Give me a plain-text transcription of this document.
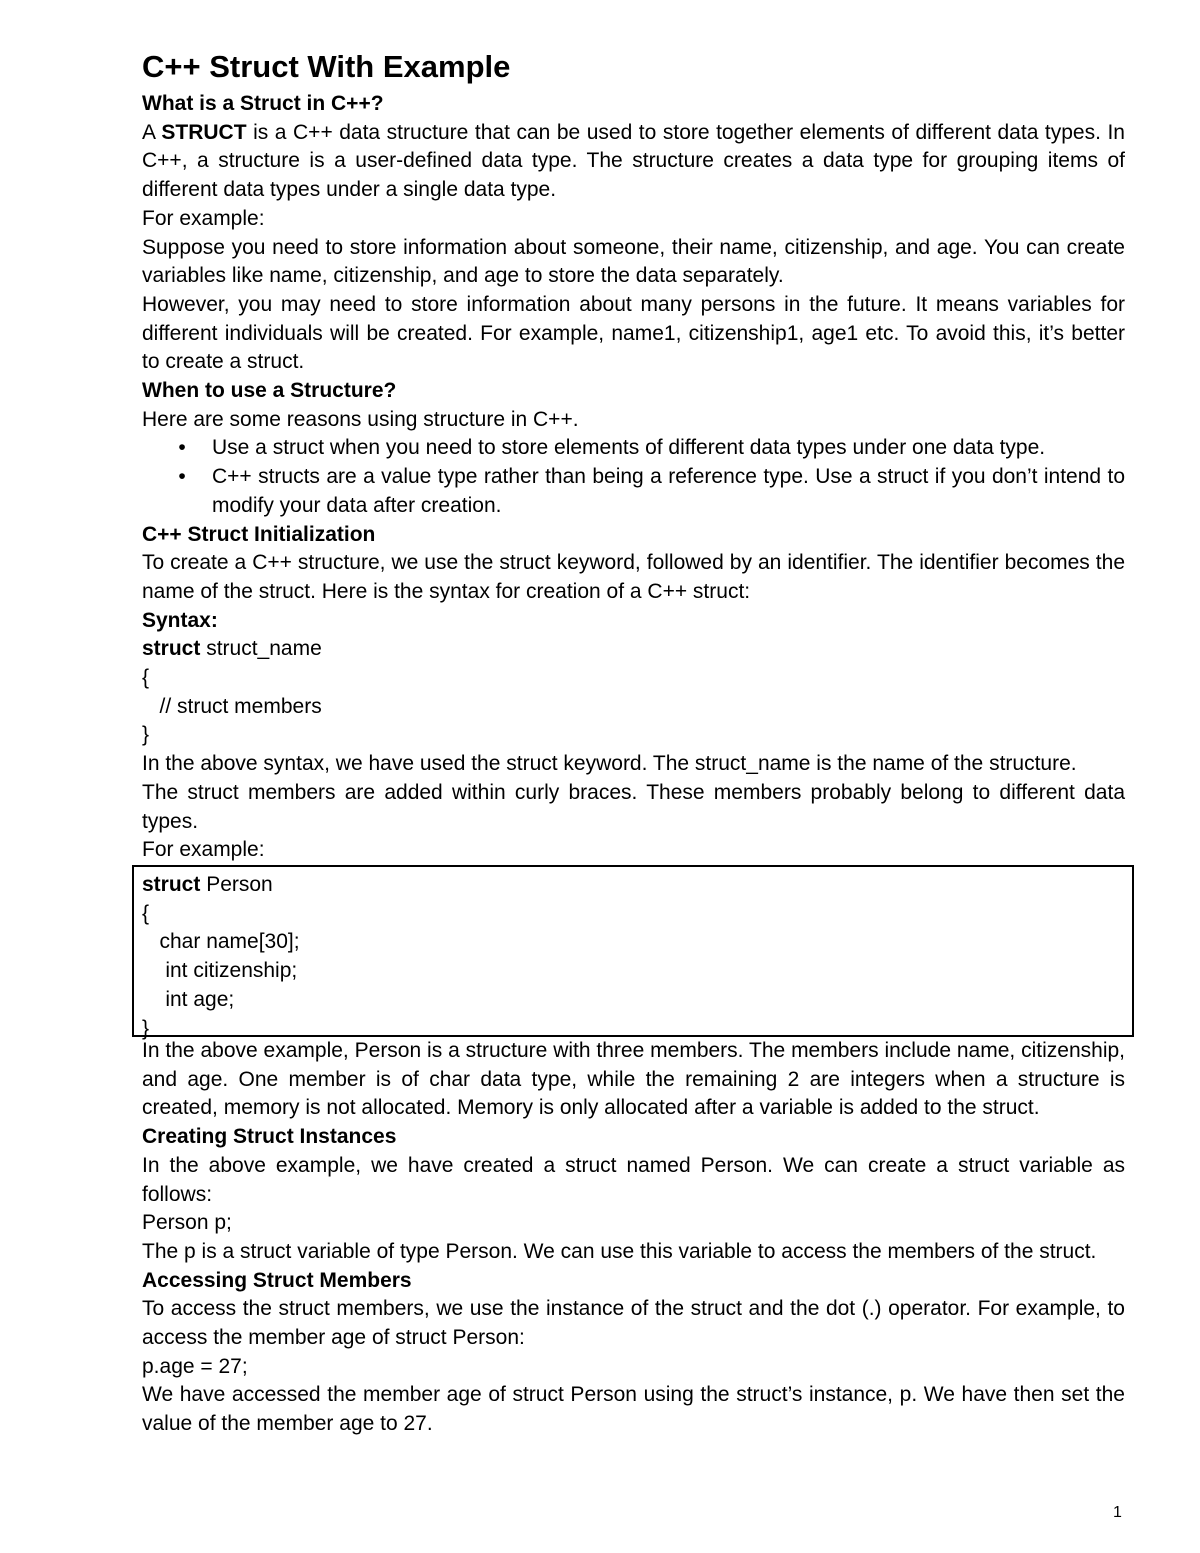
C++ Struct With Example
What is a Struct in C++?
A STRUCT is a C++ data structure that can be used to store together elements of different data types. In C++, a structure is a user-defined data type. The structure creates a data type for grouping items of different data types under a single data type.
For example:
Suppose you need to store information about someone, their name, citizenship, and age. You can create variables like name, citizenship, and age to store the data separately.
However, you may need to store information about many persons in the future. It means variables for different individuals will be created. For example, name1, citizenship1, age1 etc. To avoid this, it’s better to create a struct.
When to use a Structure?
Here are some reasons using structure in C++.
•	Use a struct when you need to store elements of different data types under one data type.
•	C++ structs are a value type rather than being a reference type. Use a struct if you don’t intend to modify your data after creation.
C++ Struct Initialization
To create a C++ structure, we use the struct keyword, followed by an identifier. The identifier becomes the name of the struct. Here is the syntax for creation of a C++ struct:
Syntax:
struct struct_name
{
// struct members
}
In the above syntax, we have used the struct keyword. The struct_name is the name of the structure.
The struct members are added within curly braces. These members probably belong to different data types.
For example:
struct Person
{
char name[30];
int citizenship;
int age;
}
In the above example, Person is a structure with three members. The members include name, citizenship, and age. One member is of char data type, while the remaining 2 are integers when a structure is created, memory is not allocated. Memory is only allocated after a variable is added to the struct.
Creating Struct Instances
In the above example, we have created a struct named Person. We can create a struct variable as follows:
Person p;
The p is a struct variable of type Person. We can use this variable to access the members of the struct.
Accessing Struct Members
To access the struct members, we use the instance of the struct and the dot (.) operator. For example, to access the member age of struct Person:
p.age = 27;
We have accessed the member age of struct Person using the struct’s instance, p. We have then set the value of the member age to 27.
1
